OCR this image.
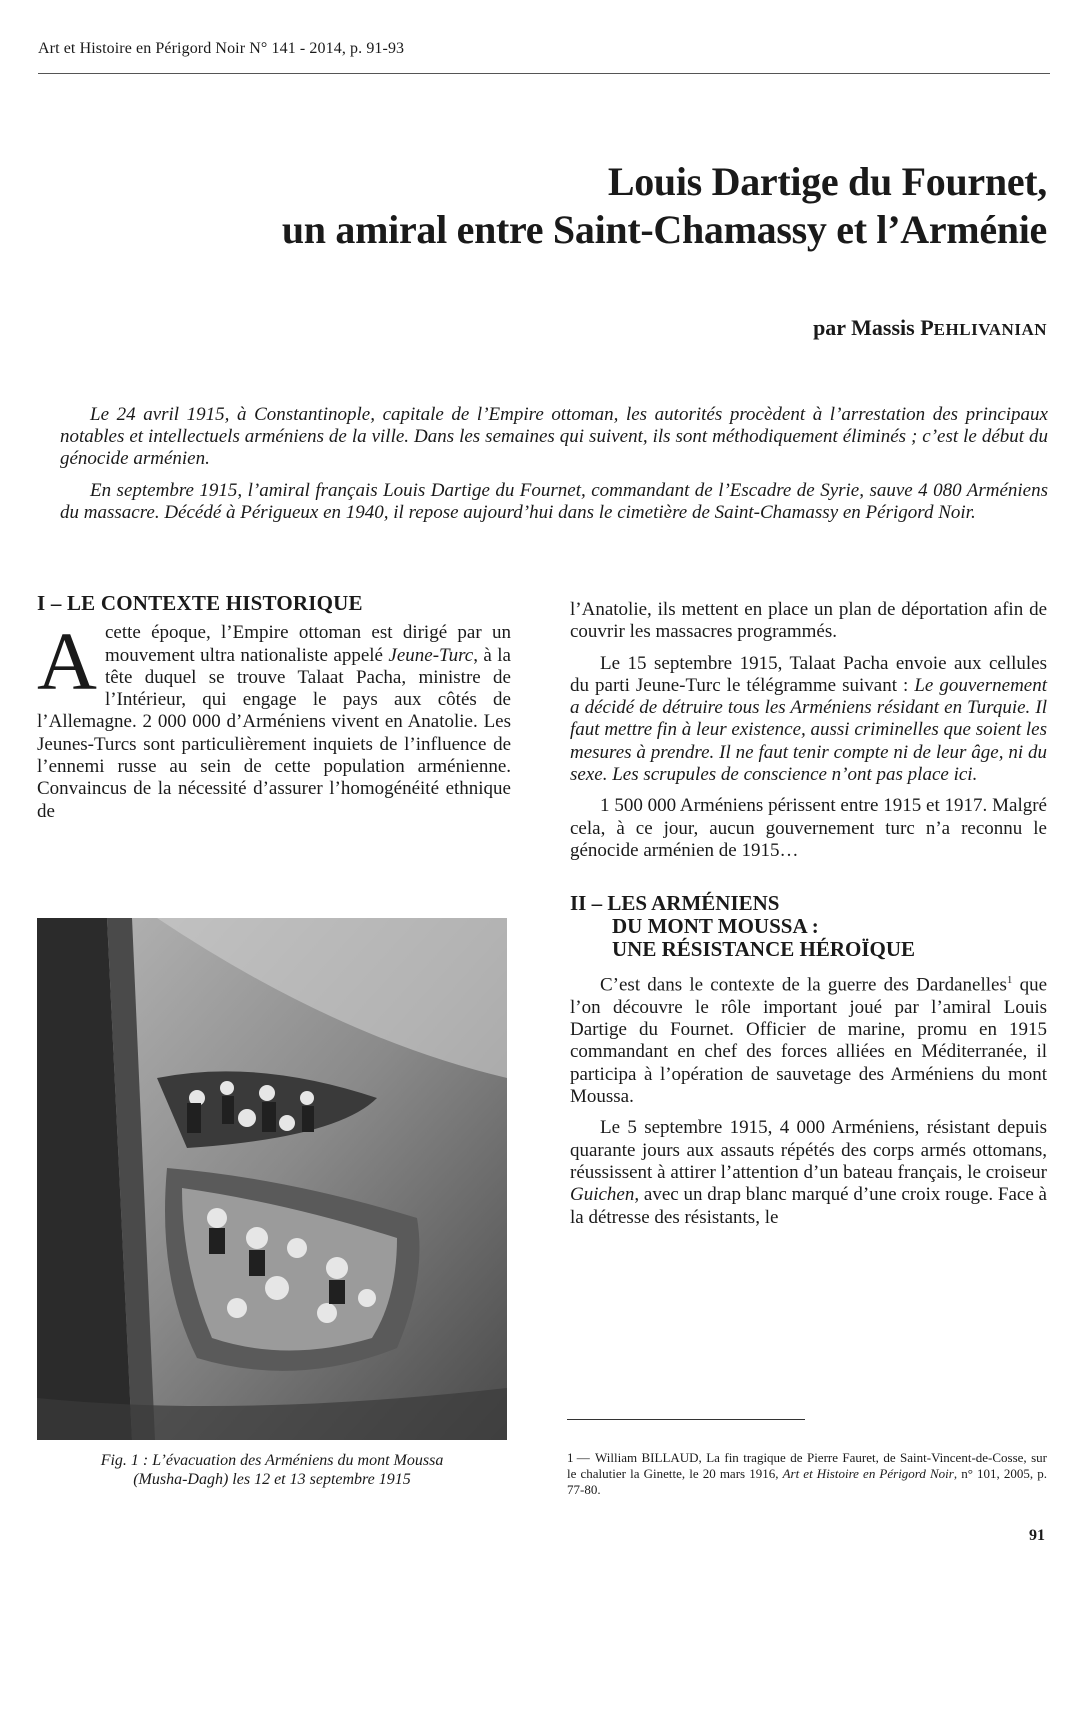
Art et Histoire en Périgord Noir N° 141 - 2014, p. 91-93
Louis Dartige du Fournet,
un amiral entre Saint-Chamassy et l’Arménie
par Massis PEHLIVANIAN

Le 24 avril 1915, à Constantinople, capitale de l’Empire ottoman, les autorités procèdent à l’arrestation des principaux notables et intellectuels arméniens de la ville. Dans les semaines qui suivent, ils sont méthodiquement éliminés ; c’est le début du génocide arménien.

En septembre 1915, l’amiral français Louis Dartige du Fournet, commandant de l’Escadre de Syrie, sauve 4 080 Arméniens du massacre. Décédé à Périgueux en 1940, il repose aujourd’hui dans le cimetière de Saint-Chamassy en Périgord Noir.

I – LE CONTEXTE HISTORIQUE

Acette époque, l’Empire ottoman est dirigé par un mouvement ultra nationaliste appelé Jeune-Turc, à la tête duquel se trouve Talaat Pacha, ministre de l’Intérieur, qui engage le pays aux côtés de l’Allemagne. 2 000 000 d’Arméniens vivent en Anatolie. Les Jeunes-Turcs sont particulièrement inquiets de l’influence de l’ennemi russe au sein de cette population arménienne. Convaincus de la nécessité d’assurer l’homogénéité ethnique de

Fig. 1 : L’évacuation des Arméniens du mont Moussa
(Musha-Dagh) les 12 et 13 septembre 1915

l’Anatolie, ils mettent en place un plan de déportation afin de couvrir les massacres programmés.

Le 15 septembre 1915, Talaat Pacha envoie aux cellules du parti Jeune-Turc le télégramme suivant : Le gouvernement a décidé de détruire tous les Arméniens résidant en Turquie. Il faut mettre fin à leur existence, aussi criminelles que soient les mesures à prendre. Il ne faut tenir compte ni de leur âge, ni du sexe. Les scrupules de conscience n’ont pas place ici.

1 500 000 Arméniens périssent entre 1915 et 1917. Malgré cela, à ce jour, aucun gouvernement turc n’a reconnu le génocide arménien de 1915…

II – LES ARMÉNIENS
DU MONT MOUSSA :
UNE RÉSISTANCE HÉROÏQUE

C’est dans le contexte de la guerre des Dardanelles$^1$ que l’on découvre le rôle important joué par l’amiral Louis Dartige du Fournet. Officier de marine, promu en 1915 commandant en chef des forces alliées en Méditerranée, il participa à l’opération de sauvetage des Arméniens du mont Moussa.

Le 5 septembre 1915, 4 000 Arméniens, résistant depuis quarante jours aux assauts répétés des corps armés ottomans, réussissent à attirer l’attention d’un bateau français, le croiseur Guichen, avec un drap blanc marqué d’une croix rouge. Face à la détresse des résistants, le

1 — William BILLAUD, La fin tragique de Pierre Fauret, de Saint-Vincent-de-Cosse, sur le chalutier la Ginette, le 20 mars 1916, Art et Histoire en Périgord Noir, n° 101, 2005, p. 77-80.
91
